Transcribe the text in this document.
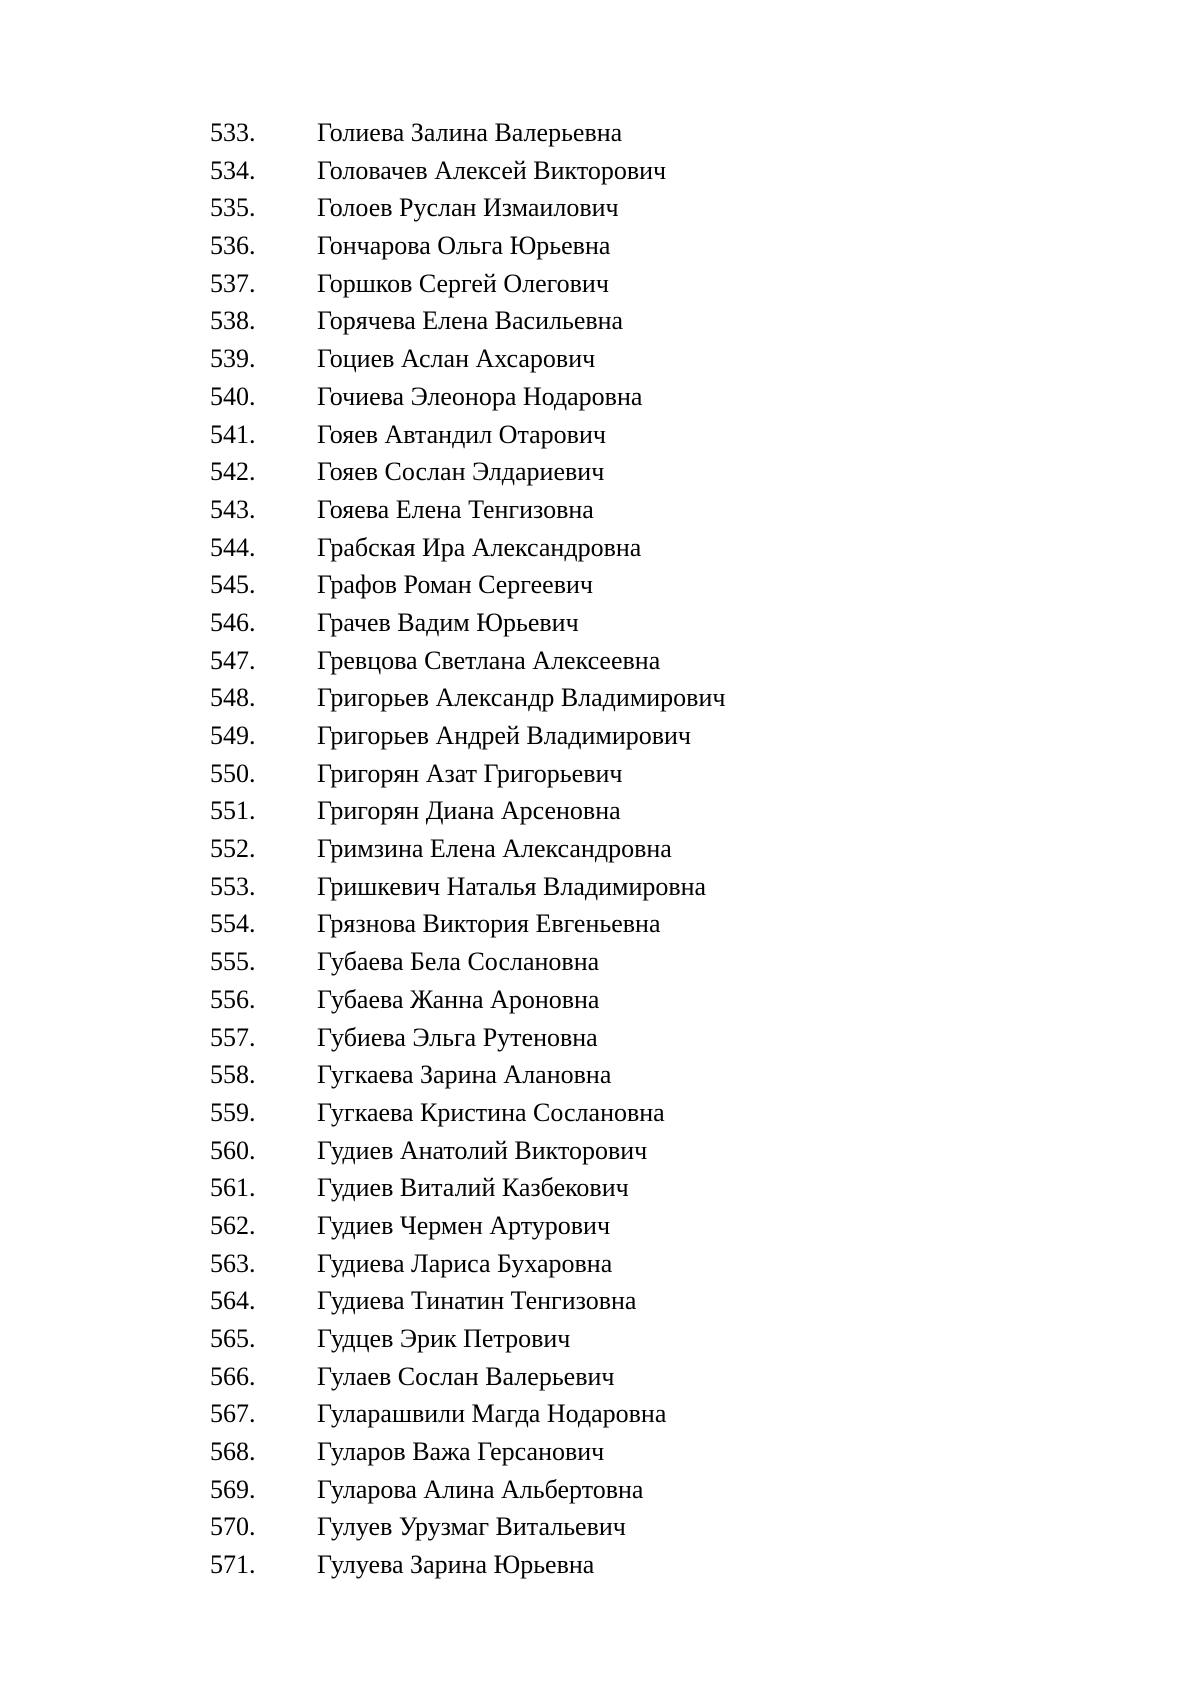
533.	Голиева Залина Валерьевна
534.	Головачев Алексей Викторович
535.	Голоев Руслан Измаилович
536.	Гончарова Ольга Юрьевна
537.	Горшков Сергей Олегович
538.	Горячева Елена Васильевна
539.	Гоциев Аслан Ахсарович
540.	Гочиева Элеонора Нодаровна
541.	Гояев Автандил Отарович
542.	Гояев Сослан Элдариевич
543.	Гояева Елена Тенгизовна
544.	Грабская Ира Александровна
545.	Графов Роман Сергеевич
546.	Грачев Вадим Юрьевич
547.	Гревцова Светлана Алексеевна
548.	Григорьев Александр Владимирович
549.	Григорьев Андрей Владимирович
550.	Григорян Азат Григорьевич
551.	Григорян Диана Арсеновна
552.	Гримзина Елена Александровна
553.	Гришкевич Наталья Владимировна
554.	Грязнова Виктория Евгеньевна
555.	Губаева Бела Сослановна
556.	Губаева Жанна Ароновна
557.	Губиева Эльга Рутеновна
558.	Гугкаева Зарина Алановна
559.	Гугкаева Кристина Сослановна
560.	Гудиев Анатолий Викторович
561.	Гудиев Виталий Казбекович
562.	Гудиев Чермен Артурович
563.	Гудиева Лариса Бухаровна
564.	Гудиева Тинатин Тенгизовна
565.	Гудцев Эрик Петрович
566.	Гулаев Сослан Валерьевич
567.	Гуларашвили Магда Нодаровна
568.	Гуларов Важа Герсанович
569.	Гуларова Алина Альбертовна
570.	Гулуев Урузмаг Витальевич
571.	Гулуева Зарина Юрьевна
